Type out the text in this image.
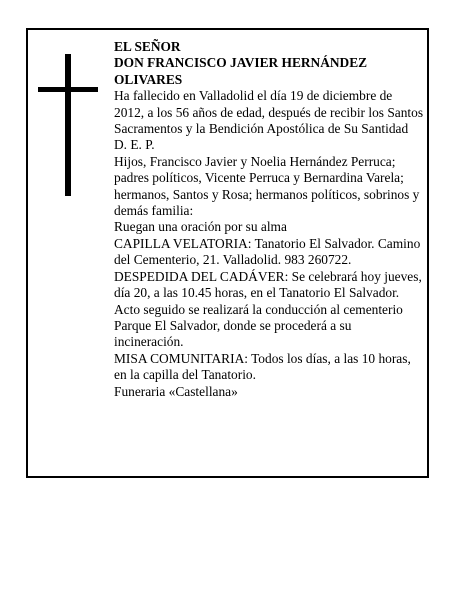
EL SEÑOR

DON FRANCISCO JAVIER HERNÁNDEZ OLIVARES

Ha fallecido en Valladolid el día 19 de diciembre de 2012, a los 56 años de edad, después de recibir los Santos Sacramentos y la Bendición Apostólica de Su Santidad

D. E. P.

Hijos, Francisco Javier y Noelia Hernández Perruca; padres políticos, Vicente Perruca y Bernardina Varela; hermanos, Santos y Rosa; hermanos políticos, sobrinos y demás familia:

Ruegan una oración por su alma

CAPILLA VELATORIA: Tanatorio El Salvador. Camino del Cementerio, 21. Valladolid. 983 260722.

DESPEDIDA DEL CADÁVER: Se celebrará hoy jueves, día 20, a las 10.45 horas, en el Tanatorio El Salvador. Acto seguido se realizará la conducción al cementerio Parque El Salvador, donde se procederá a su incineración.

MISA COMUNITARIA: Todos los días, a las 10 horas, en la capilla del Tanatorio.

Funeraria «Castellana»
